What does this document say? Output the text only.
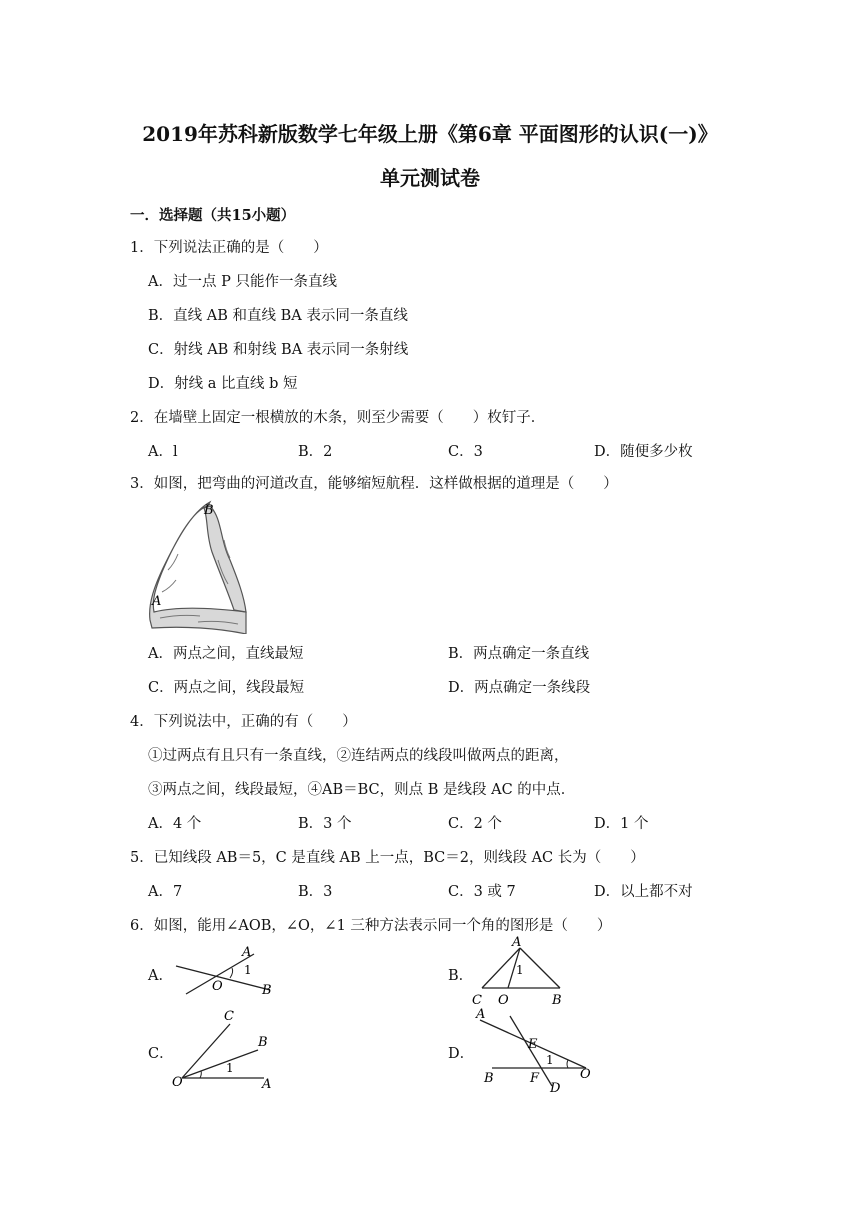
2019年苏科新版数学七年级上册《第6章 平面图形的认识(一)》
单元测试卷
一．选择题（共15小题）
1．下列说法正确的是（　　）
A．过一点 P 只能作一条直线
B．直线 AB 和直线 BA 表示同一条直线
C．射线 AB 和射线 BA 表示同一条射线
D．射线 a 比直线 b 短
2．在墙壁上固定一根横放的木条，则至少需要（　　）枚钉子．
A．l	B．2	C．3	D．随便多少枚
3．如图，把弯曲的河道改直，能够缩短航程．这样做根据的道理是（　　）
B
A
A．两点之间，直线最短	B．两点确定一条直线
C．两点之间，线段最短	D．两点确定一条线段
4．下列说法中，正确的有（　　）
①过两点有且只有一条直线，②连结两点的线段叫做两点的距离，
③两点之间，线段最短，④AB＝BC，则点 B 是线段 AC 的中点．
A．4 个	B．3 个	C．2 个	D．1 个
5．已知线段 AB＝5，C 是直线 AB 上一点，BC＝2，则线段 AC 长为（　　）
A．7	B．3	C．3 或 7	D．以上都不对
6．如图，能用∠AOB，∠O，∠1 三种方法表示同一个角的图形是（　　）
A．
A
1
O	B
B．
A
1
C O	B
C．
C
B
1
O	A
D．
A
E
1
B	F
D
O
